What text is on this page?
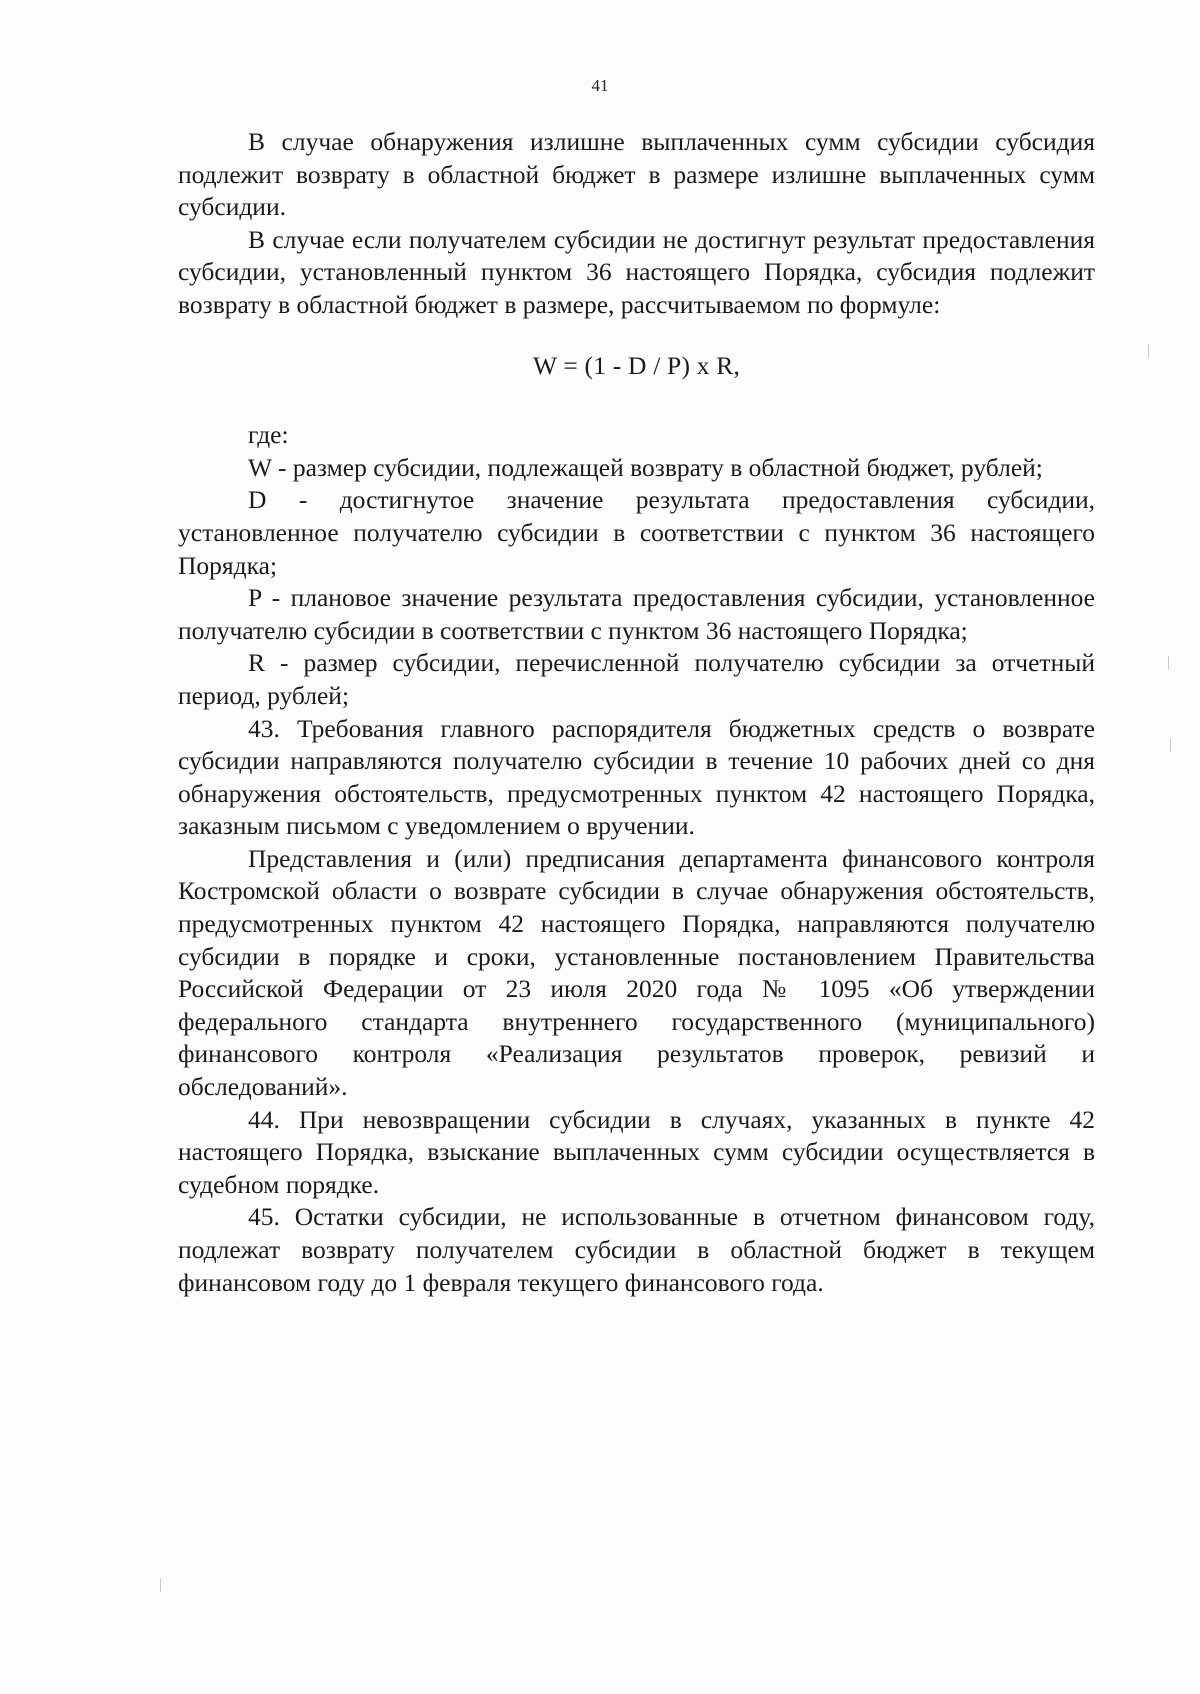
41

В случае обнаружения излишне выплаченных сумм субсидии субсидия подлежит возврату в областной бюджет в размере излишне выплаченных сумм субсидии.

В случае если получателем субсидии не достигнут результат предоставления субсидии, установленный пунктом 36 настоящего Порядка, субсидия подлежит возврату в областной бюджет в размере, рассчитываемом по формуле:

W = (1 - D / P) x R,

где:

W - размер субсидии, подлежащей возврату в областной бюджет, рублей;

D - достигнутое значение результата предоставления субсидии, установленное получателю субсидии в соответствии с пунктом 36 настоящего Порядка;

P - плановое значение результата предоставления субсидии, установленное получателю субсидии в соответствии с пунктом 36 настоящего Порядка;

R - размер субсидии, перечисленной получателю субсидии за отчетный период, рублей;

43. Требования главного распорядителя бюджетных средств о возврате субсидии направляются получателю субсидии в течение 10 рабочих дней со дня обнаружения обстоятельств, предусмотренных пунктом 42 настоящего Порядка, заказным письмом с уведомлением о вручении.

Представления и (или) предписания департамента финансового контроля Костромской области о возврате субсидии в случае обнаружения обстоятельств, предусмотренных пунктом 42 настоящего Порядка, направляются получателю субсидии в порядке и сроки, установленные постановлением Правительства Российской Федерации от 23 июля 2020 года № 1095 «Об утверждении федерального стандарта внутреннего государственного (муниципального) финансового контроля «Реализация результатов проверок, ревизий и обследований».

44. При невозвращении субсидии в случаях, указанных в пункте 42 настоящего Порядка, взыскание выплаченных сумм субсидии осуществляется в судебном порядке.

45. Остатки субсидии, не использованные в отчетном финансовом году, подлежат возврату получателем субсидии в областной бюджет в текущем финансовом году до 1 февраля текущего финансового года.
